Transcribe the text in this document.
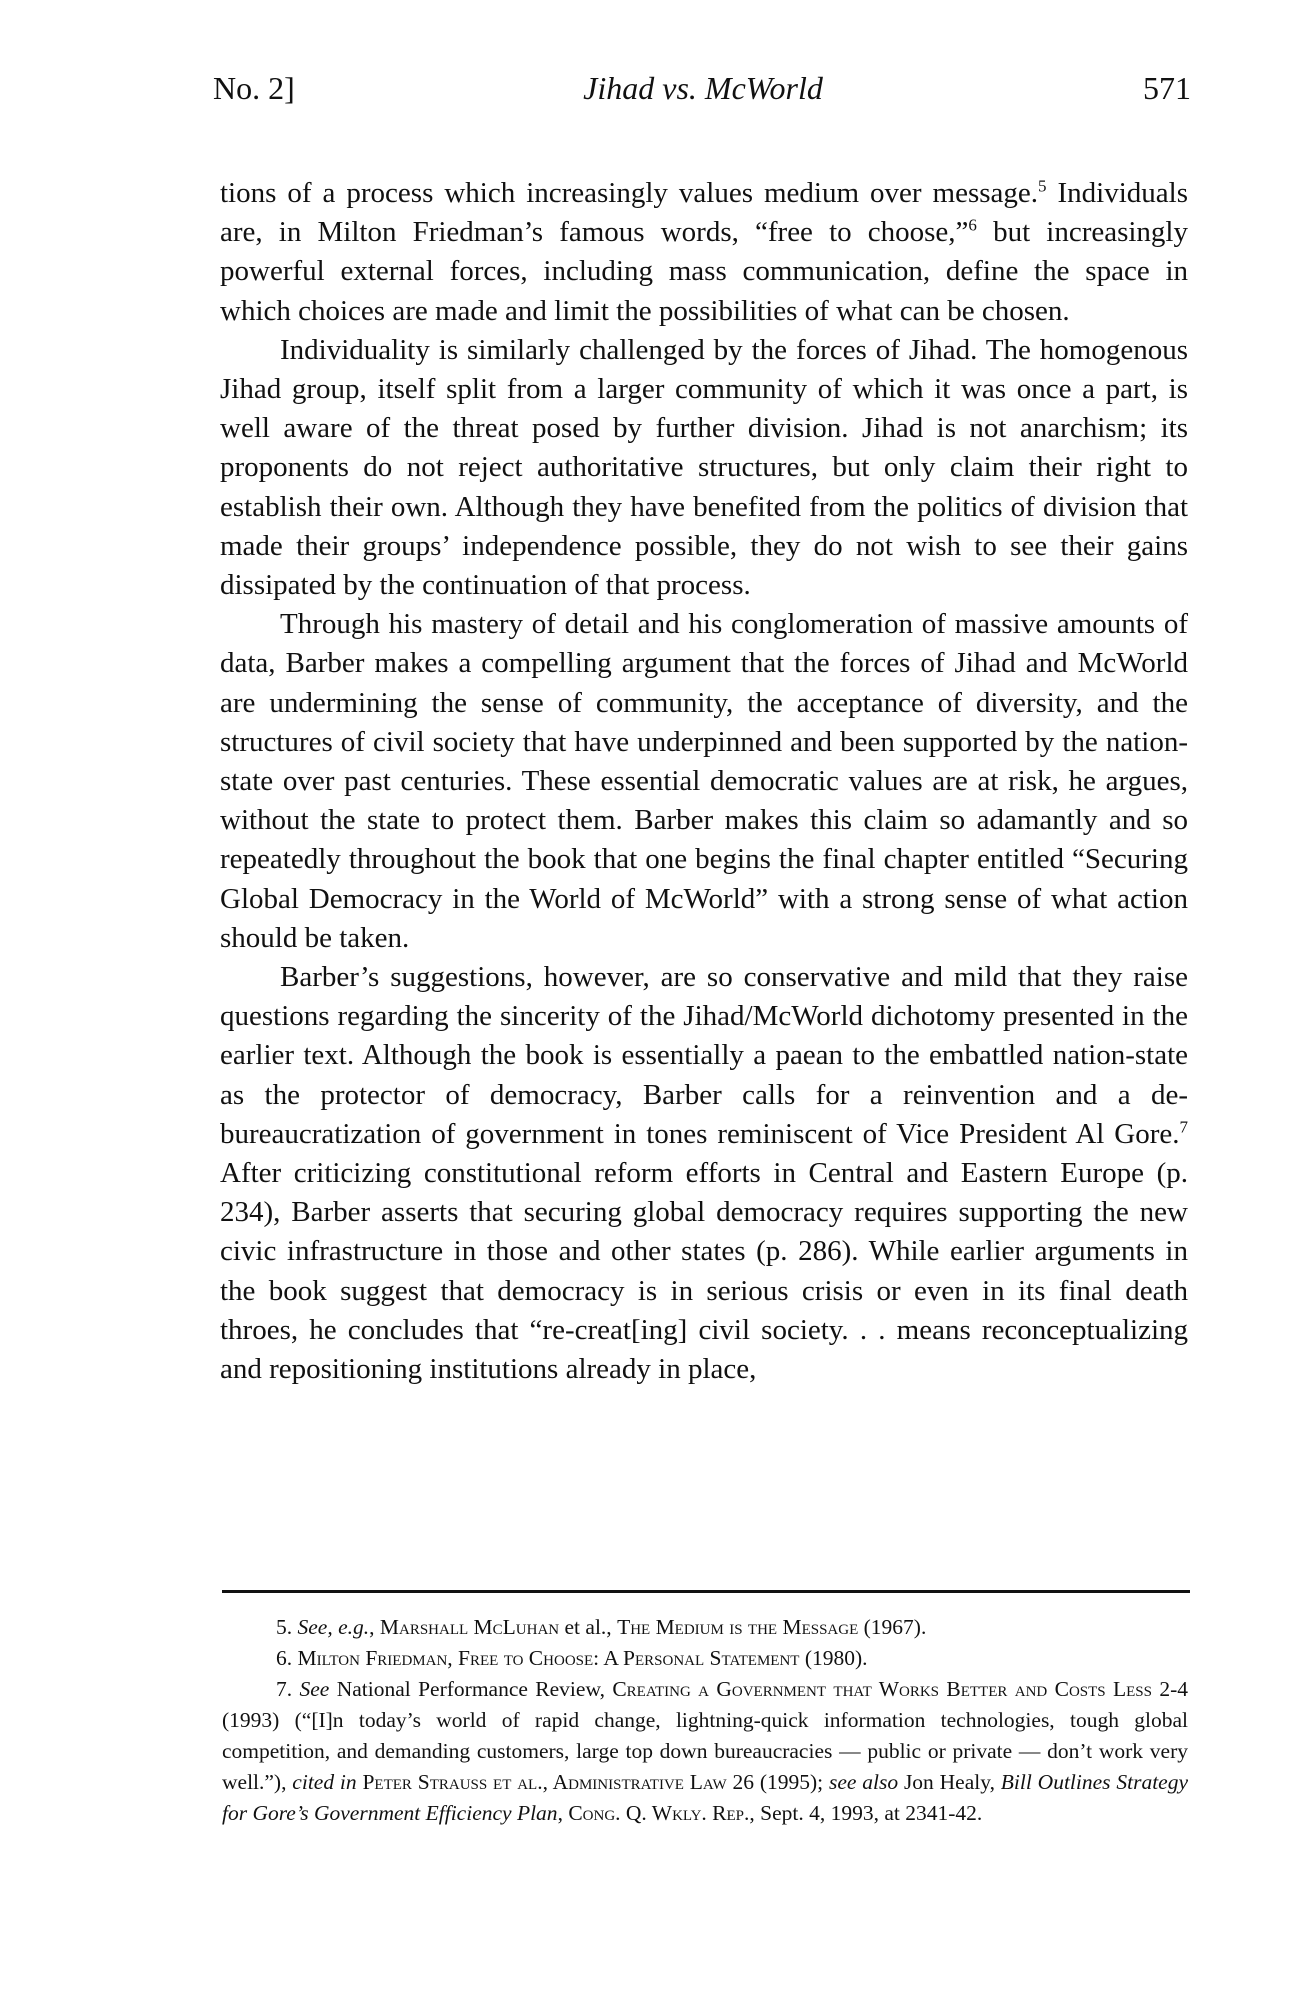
No. 2]	Jihad vs. McWorld	571

tions of a process which increasingly values medium over message.$^5$ Individuals are, in Milton Friedman’s famous words, “free to choose,”$^6$ but increasingly powerful external forces, including mass communication, define the space in which choices are made and limit the possibilities of what can be chosen.

Individuality is similarly challenged by the forces of Jihad. The homogenous Jihad group, itself split from a larger community of which it was once a part, is well aware of the threat posed by further division. Jihad is not anarchism; its proponents do not reject authoritative structures, but only claim their right to establish their own. Although they have benefited from the politics of division that made their groups’ independence possible, they do not wish to see their gains dissipated by the continuation of that process.

Through his mastery of detail and his conglomeration of massive amounts of data, Barber makes a compelling argument that the forces of Jihad and McWorld are undermining the sense of community, the acceptance of diversity, and the structures of civil society that have underpinned and been supported by the nation-state over past centuries. These essential democratic values are at risk, he argues, without the state to protect them. Barber makes this claim so adamantly and so repeatedly throughout the book that one begins the final chapter entitled “Securing Global Democracy in the World of McWorld” with a strong sense of what action should be taken.

Barber’s suggestions, however, are so conservative and mild that they raise questions regarding the sincerity of the Jihad/McWorld dichotomy presented in the earlier text. Although the book is essentially a paean to the embattled nation-state as the protector of democracy, Barber calls for a reinvention and a de-bureaucratization of government in tones reminiscent of Vice President Al Gore.$^7$ After criticizing constitutional reform efforts in Central and Eastern Europe (p. 234), Barber asserts that securing global democracy requires supporting the new civic infrastructure in those and other states (p. 286). While earlier arguments in the book suggest that democracy is in serious crisis or even in its final death throes, he concludes that “re-creat[ing] civil society. . . means reconceptualizing and repositioning institutions already in place,

5. See, e.g., Marshall McLuhan et al., The Medium is the Message (1967).
6. Milton Friedman, Free to Choose: A Personal Statement (1980).
7. See National Performance Review, Creating a Government that Works Better and Costs Less 2-4 (1993) (“[I]n today’s world of rapid change, lightning-quick information technologies, tough global competition, and demanding customers, large top down bureaucracies — public or private — don’t work very well.”), cited in Peter Strauss et al., Administrative Law 26 (1995); see also Jon Healy, Bill Outlines Strategy for Gore’s Government Efficiency Plan, Cong. Q. Wkly. Rep., Sept. 4, 1993, at 2341-42.
